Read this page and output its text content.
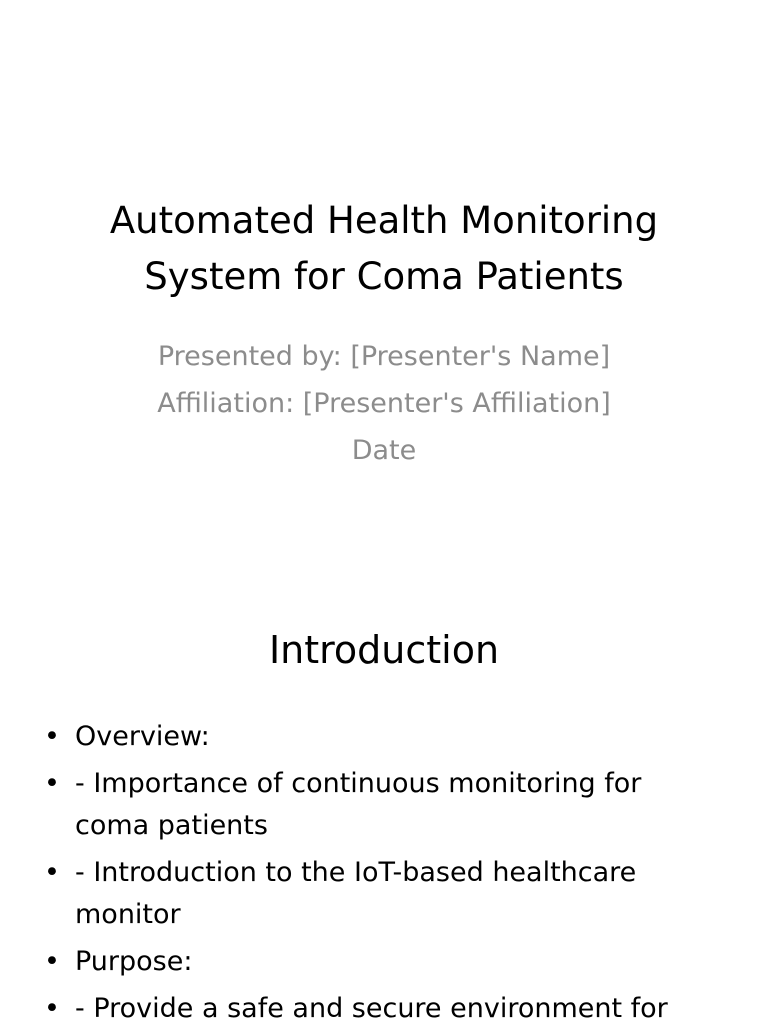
Automated Health Monitoring
System for Coma Patients
Presented by: [Presenter's Name]
Affiliation: [Presenter's Affiliation]
Date
Introduction
• Overview:
• - Importance of continuous monitoring for coma patients
• - Introduction to the IoT-based healthcare monitor
• Purpose:
• - Provide a safe and secure environment for
